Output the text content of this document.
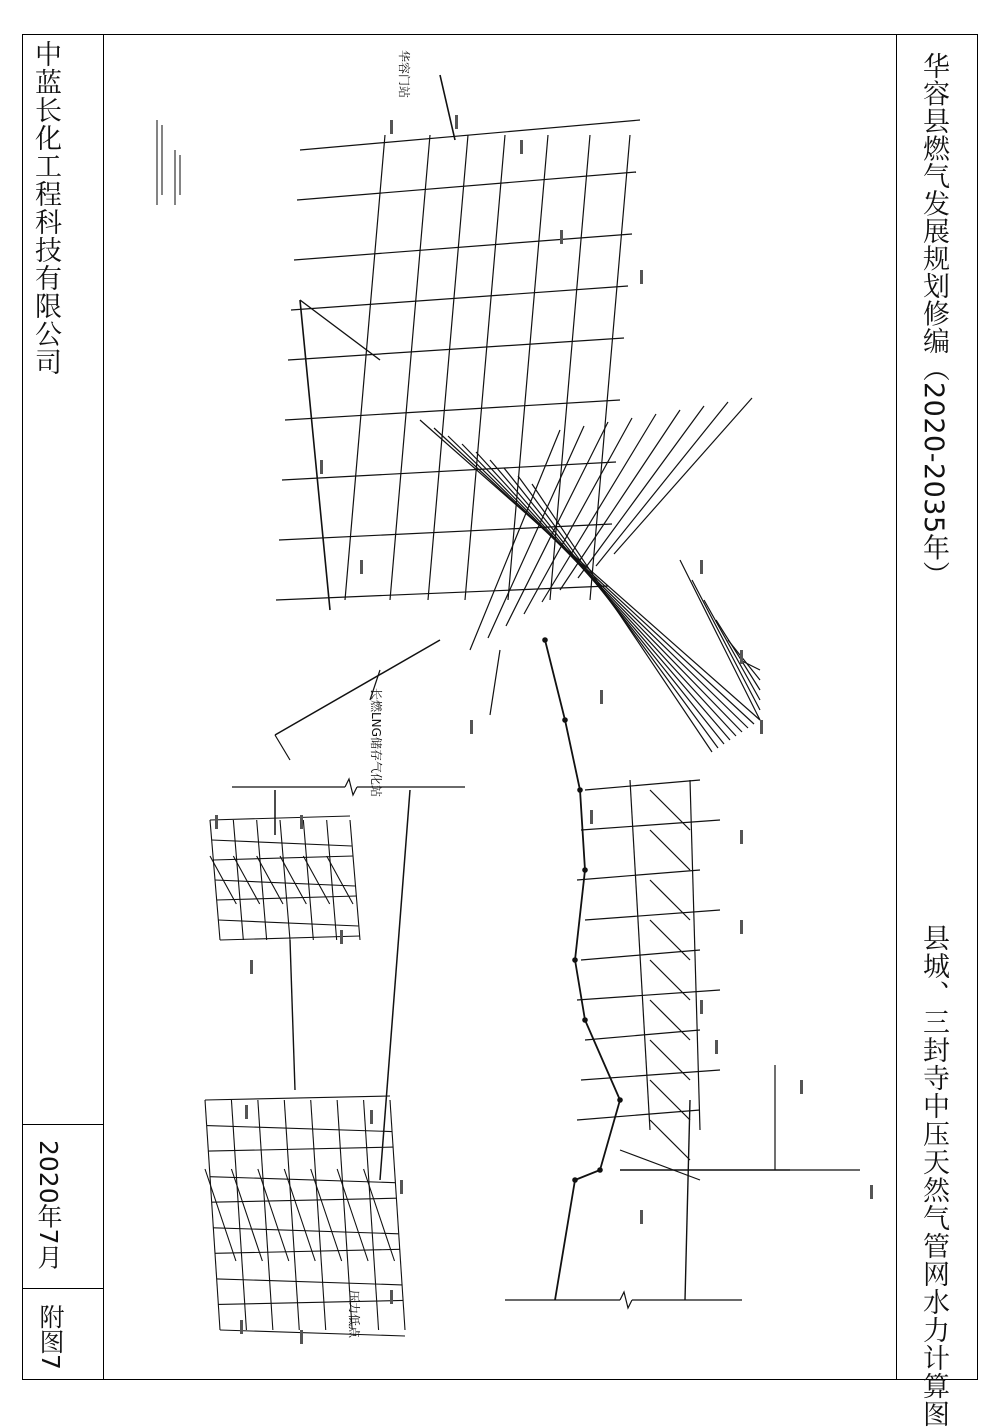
中蓝长化工程科技有限公司
2020年7月
附图7
华容县燃气发展规划修编（2020-2035年）
县城、三封寺中压天然气管网水力计算图
华容门站
长燃LNG储存气化站
压力低点
